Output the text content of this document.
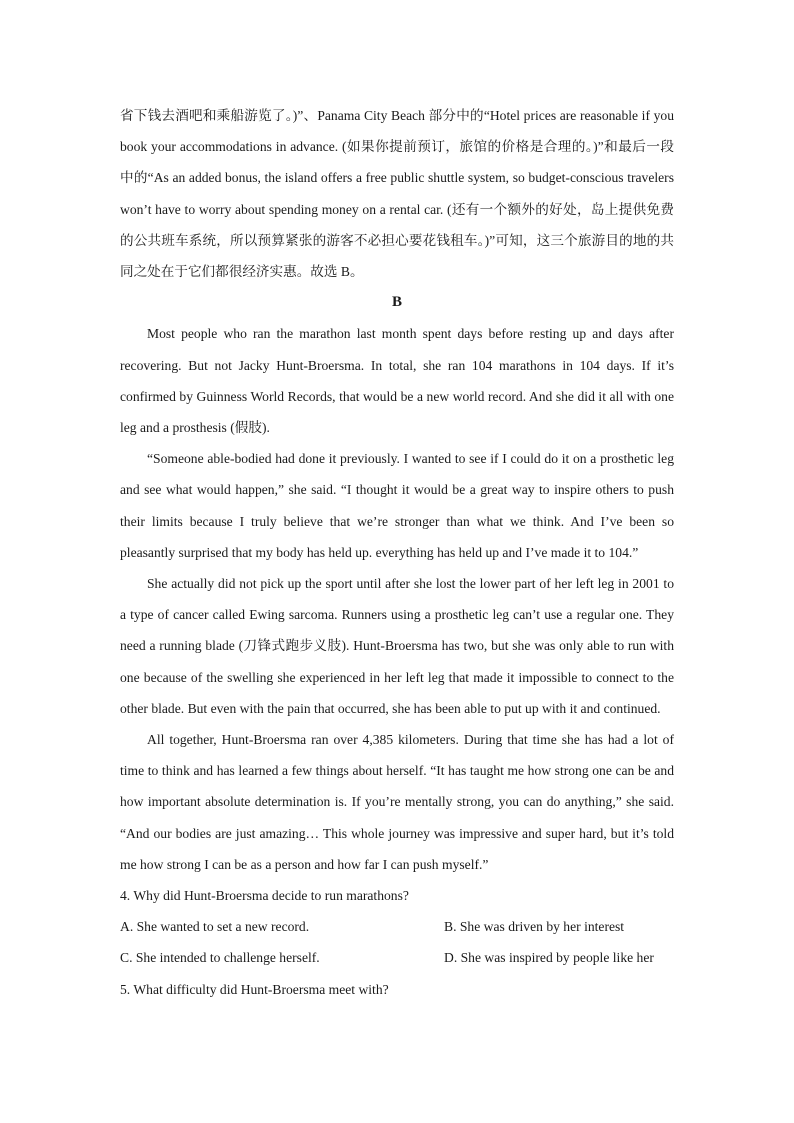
省下钱去酒吧和乘船游览了。)”、Panama City Beach 部分中的“Hotel prices are reasonable if you book your accommodations in advance. (如果你提前预订，旅馆的价格是合理的。)”和最后一段中的“As an added bonus, the island offers a free public shuttle system, so budget-conscious travelers won’t have to worry about spending money on a rental car. (还有一个额外的好处，岛上提供免费的公共班车系统，所以预算紧张的游客不必担心要花钱租车。)”可知，这三个旅游目的地的共同之处在于它们都很经济实惠。故选 B。

B

Most people who ran the marathon last month spent days before resting up and days after recovering. But not Jacky Hunt-Broersma. In total, she ran 104 marathons in 104 days. If it’s confirmed by Guinness World Records, that would be a new world record. And she did it all with one leg and a prosthesis (假肢).

“Someone able-bodied had done it previously. I wanted to see if I could do it on a prosthetic leg and see what would happen,” she said. “I thought it would be a great way to inspire others to push their limits because I truly believe that we’re stronger than what we think. And I’ve been so pleasantly surprised that my body has held up. everything has held up and I’ve made it to 104.”

She actually did not pick up the sport until after she lost the lower part of her left leg in 2001 to a type of cancer called Ewing sarcoma. Runners using a prosthetic leg can’t use a regular one. They need a running blade (刀锋式跑步义肢). Hunt-Broersma has two, but she was only able to run with one because of the swelling she experienced in her left leg that made it impossible to connect to the other blade. But even with the pain that occurred, she has been able to put up with it and continued.

All together, Hunt-Broersma ran over 4,385 kilometers. During that time she has had a lot of time to think and has learned a few things about herself. “It has taught me how strong one can be and how important absolute determination is. If you’re mentally strong, you can do anything,” she said. “And our bodies are just amazing… This whole journey was impressive and super hard, but it’s told me how strong I can be as a person and how far I can push myself.”

4. Why did Hunt-Broersma decide to run marathons?
A. She wanted to set a new record.	B. She was driven by her interest
C. She intended to challenge herself.	D. She was inspired by people like her
5. What difficulty did Hunt-Broersma meet with?
